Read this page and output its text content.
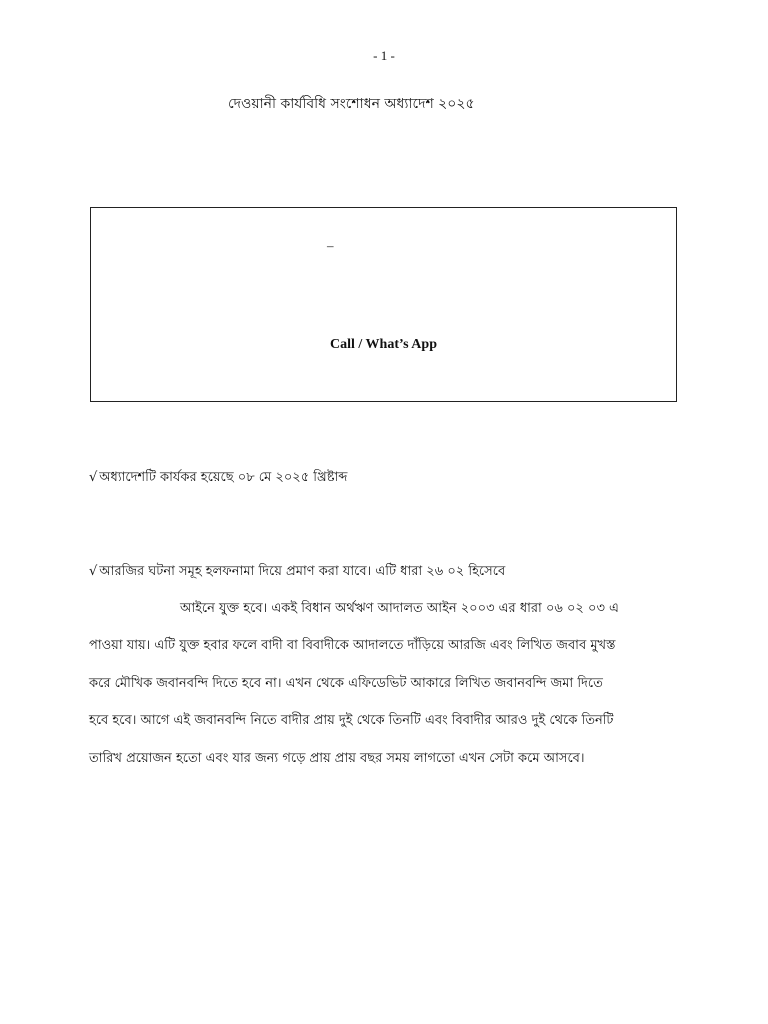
- 1 -
দেওয়ানী কার্যবিধি সংশোধন অধ্যাদেশ ২০২৫
–
Call / What’s App
√ অধ্যাদেশটি কার্যকর হয়েছে ০৮ মে ২০২৫ খ্রিষ্টাব্দ
√ আরজির ঘটনা সমূহ হলফনামা দিয়ে প্রমাণ করা যাবে। এটি ধারা ২৬ ০২ হিসেবে
আইনে যুক্ত হবে। একই বিধান অর্থঋণ আদালত আইন ২০০৩ এর ধারা ০৬ ০২ ০৩ এ
পাওয়া যায়। এটি যুক্ত হবার ফলে বাদী বা বিবাদীকে আদালতে দাঁড়িয়ে আরজি এবং লিখিত জবাব মুখস্ত
করে মৌখিক জবানবন্দি দিতে হবে না। এখন থেকে এফিডেভিট আকারে লিখিত জবানবন্দি জমা দিতে
হবে হবে। আগে এই জবানবন্দি নিতে বাদীর প্রায় দুই থেকে তিনটি এবং বিবাদীর আরও দুই থেকে তিনটি
তারিখ প্রয়োজন হতো এবং যার জন্য গড়ে প্রায় প্রায় বছর সময় লাগতো এখন সেটা কমে আসবে।
